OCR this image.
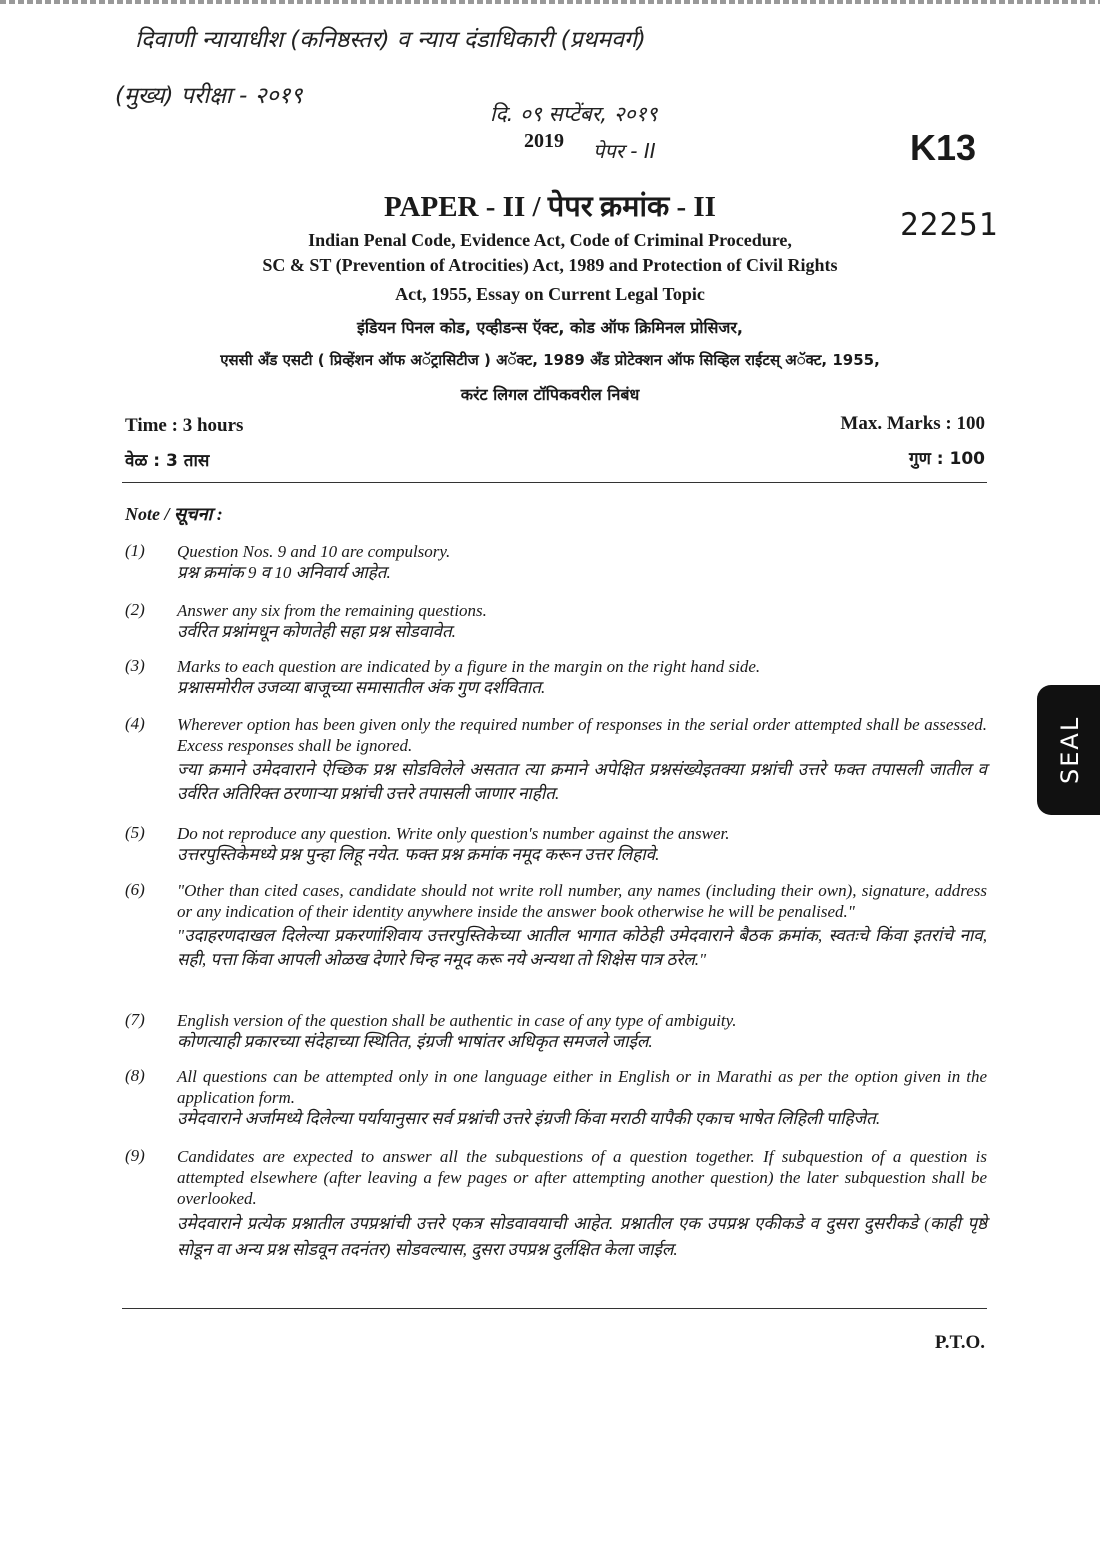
दिवाणी न्यायाधीश (कनिष्ठस्तर) व न्याय दंडाधिकारी (प्रथमवर्ग)
(मुख्य) परीक्षा - २०१९
दि. ०९ सप्टेंबर, २०१९
पेपर - II
2019	K13
22251
PAPER - II / पेपर क्रमांक - II
Indian Penal Code, Evidence Act, Code of Criminal Procedure,
SC & ST (Prevention of Atrocities) Act, 1989 and Protection of Civil Rights
Act, 1955, Essay on Current Legal Topic
इंडियन पिनल कोड, एव्हीडन्स ऍक्ट, कोड ऑफ क्रिमिनल प्रोसिजर,
एससी अँड एसटी ( प्रिव्हेंशन ऑफ अॅट्रासिटीज ) अॅक्ट, 1989 अँड प्रोटेक्शन ऑफ सिव्हिल राईटस् अॅक्ट, 1955,
करंट लिगल टॉपिकवरील निबंध
Time : 3 hours
वेळ : 3 तास
Max. Marks : 100
गुण : 100
Note / सूचना :
(1)	Question Nos. 9 and 10 are compulsory.
प्रश्न क्रमांक 9 व 10 अनिवार्य आहेत.
(2)	Answer any six from the remaining questions.
उर्वरित प्रश्नांमधून कोणतेही सहा प्रश्न सोडवावेत.
(3)	Marks to each question are indicated by a figure in the margin on the right hand side.
प्रश्नासमोरील उजव्या बाजूच्या समासातील अंक गुण दर्शवितात.
(4)	Wherever option has been given only the required number of responses in the serial order attempted shall be assessed. Excess responses shall be ignored.
ज्या क्रमाने उमेदवाराने ऐच्छिक प्रश्न सोडविलेले असतात त्या क्रमाने अपेक्षित प्रश्नसंख्येइतक्या प्रश्नांची उत्तरे फक्त तपासली जातील व उर्वरित अतिरिक्त ठरणाऱ्या प्रश्नांची उत्तरे तपासली जाणार नाहीत.
(5)	Do not reproduce any question. Write only question's number against the answer.
उत्तरपुस्तिकेमध्ये प्रश्न पुन्हा लिहू नयेत. फक्त प्रश्न क्रमांक नमूद करून उत्तर लिहावे.
(6)	"Other than cited cases, candidate should not write roll number, any names (including their own), signature, address or any indication of their identity anywhere inside the answer book otherwise he will be penalised."
"उदाहरणदाखल दिलेल्या प्रकरणांशिवाय उत्तरपुस्तिकेच्या आतील भागात कोठेही उमेदवाराने बैठक क्रमांक, स्वतःचे किंवा इतरांचे नाव, सही, पत्ता किंवा आपली ओळख देणारे चिन्ह नमूद करू नये अन्यथा तो शिक्षेस पात्र ठरेल."
(7)	English version of the question shall be authentic in case of any type of ambiguity.
कोणत्याही प्रकारच्या संदेहाच्या स्थितित, इंग्रजी भाषांतर अधिकृत समजले जाईल.
(8)	All questions can be attempted only in one language either in English or in Marathi as per the option given in the application form.
उमेदवाराने अर्जामध्ये दिलेल्या पर्यायानुसार सर्व प्रश्नांची उत्तरे इंग्रजी किंवा मराठी यापैकी एकाच भाषेत लिहिली पाहिजेत.
(9)	Candidates are expected to answer all the subquestions of a question together. If subquestion of a question is attempted elsewhere (after leaving a few pages or after attempting another question) the later subquestion shall be overlooked.
उमेदवाराने प्रत्येक प्रश्नातील उपप्रश्नांची उत्तरे एकत्र सोडवावयाची आहेत. प्रश्नातील एक उपप्रश्न एकीकडे व दुसरा दुसरीकडे (काही पृष्ठे सोडून वा अन्य प्रश्न सोडवून तदनंतर) सोडवल्यास, दुसरा उपप्रश्न दुर्लक्षित केला जाईल.
P.T.O.
SEAL
